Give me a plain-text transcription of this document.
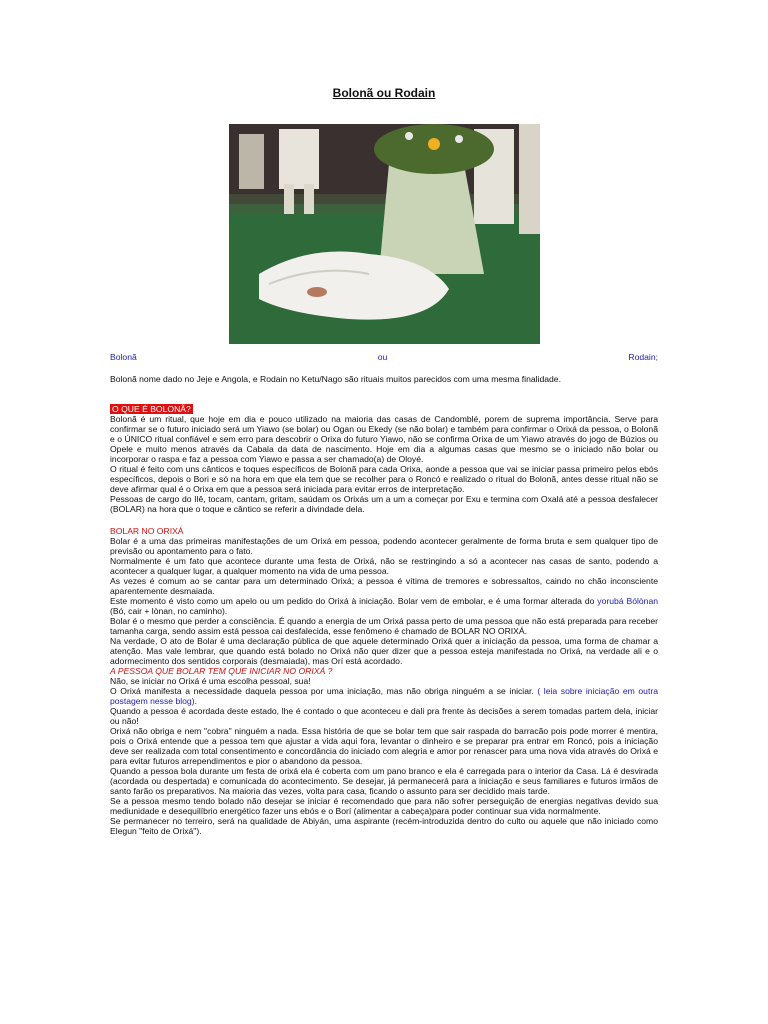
Bolonã ou Rodain
Bolonã	ou	Rodain;

Bolonã nome dado no Jeje e Angola, e Rodain no Ketu/Nago são rituais muitos parecidos com uma mesma finalidade.

O QUE É BOLONÃ?

Bolonã é um ritual, que hoje em dia e pouco utilizado na maioria das casas de Candomblé, porem de suprema importância. Serve para confirmar se o futuro iniciado será um Yiawo (se bolar) ou Ogan ou Ekedy (se não bolar) e também para confirmar o Orixá da pessoa, o Bolonã e o ÚNICO ritual confiável e sem erro para descobrir o Orixa do futuro Yiawo, não se confirma Orixa de um Yiawo através do jogo de Búzios ou Opele e muito menos através da Cabala da data de nascimento. Hoje em dia a algumas casas que mesmo se o iniciado não bolar ou incorporar o raspa e faz a pessoa com Yiawo e passa a ser chamado(a) de Oloyé.

O ritual é feito com uns cânticos e toques específicos de Bolonã para cada Orixa, aonde a pessoa que vai se iniciar passa primeiro pelos ebós específicos, depois o Bori e só na hora em que ela tem que se recolher para o Roncó e realizado o ritual do Bolonã, antes desse ritual não se deve afirmar qual é o Orixa em que a pessoa será iniciada para evitar erros de interpretação.

Pessoas de cargo do Ilê, tocam, cantam, gritam, saúdam os Orixás um a um a começar por Exu e termina com Oxalá até a pessoa desfalecer (BOLAR) na hora que o toque e cântico se referir a divindade dela.

BOLAR NO ORIXÁ

Bolar é a uma das primeiras manifestações de um Orixá em pessoa, podendo acontecer geralmente de forma bruta e sem qualquer tipo de previsão ou apontamento para o fato.

Normalmente é um fato que acontece durante uma festa de Orixá, não se restringindo a só a acontecer nas casas de santo, podendo a acontecer a qualquer lugar, a qualquer momento na vida de uma pessoa.

As vezes é comum ao se cantar para um determinado Orixá; a pessoa é vítima de tremores e sobressaltos, caindo no chão inconsciente aparentemente desmaiada.

Este momento é visto como um apelo ou um pedido do Orixá à iniciação. Bolar vem de embolar, e é uma formar alterada do yorubá Bólònan (Bó, cair + lònan, no caminho).

Bolar é o mesmo que perder a consciência. É quando a energia de um Orixá passa perto de uma pessoa que não está preparada para receber tamanha carga, sendo assim está pessoa cai desfalecida, esse fenômeno é chamado de BOLAR NO ORIXÁ.

Na verdade, O ato de Bolar é uma declaração pública de que aquele determinado Orixá quer a iniciação da pessoa, uma forma de chamar a atenção. Mas vale lembrar, que quando está bolado no Orixá não quer dizer que a pessoa esteja manifestada no Orixá, na verdade ali e o adormecimento dos sentidos corporais (desmaiada), mas Orí está acordado.

A PESSOA QUE BOLAR TEM QUE INICIAR NO ORIXÁ ?

Não, se iniciar no Orixá é uma escolha pessoal, sua!

O Orixá manifesta a necessidade daquela pessoa por uma iniciação, mas não obriga ninguém a se iniciar. ( leia sobre iniciação em outra postagem nesse blog).

Quando a pessoa é acordada deste estado, lhe é contado o que aconteceu e dali pra frente às decisões a serem tomadas partem dela, iniciar ou não!

Orixá não obriga e nem "cobra" ninguém a nada. Essa história de que se bolar tem que sair raspada do barracão pois pode morrer é mentira, pois o Orixá entende que a pessoa tem que ajustar a vida aqui fora, levantar o dinheiro e se preparar pra entrar em Roncó, pois a iniciação deve ser realizada com total consentimento e concordância do iniciado com alegria e amor por renascer para uma nova vida através do Orixá e para evitar futuros arrependimentos e pior o abandono da pessoa.

Quando a pessoa bola durante um festa de orixá ela é coberta com um pano branco e ela é carregada para o interior da Casa. Lá é desvirada (acordada ou despertada) e comunicada do acontecimento. Se desejar, já permanecerá para a iniciação e seus familiares e futuros irmãos de santo farão os preparativos. Na maioria das vezes, volta para casa, ficando o assunto para ser decidido mais tarde.

Se a pessoa mesmo tendo bolado não desejar se iniciar é recomendado que para não sofrer perseguição de energias negativas devido sua mediunidade e desequilíbrio energético fazer uns ebós e o Borí (alimentar a cabeça)para poder continuar sua vida normalmente.

Se permanecer no terreiro, será na qualidade de Abiyán, uma aspirante (recém-introduzida dentro do culto ou aquele que não iniciado como Elegun "feito de Orixá").
